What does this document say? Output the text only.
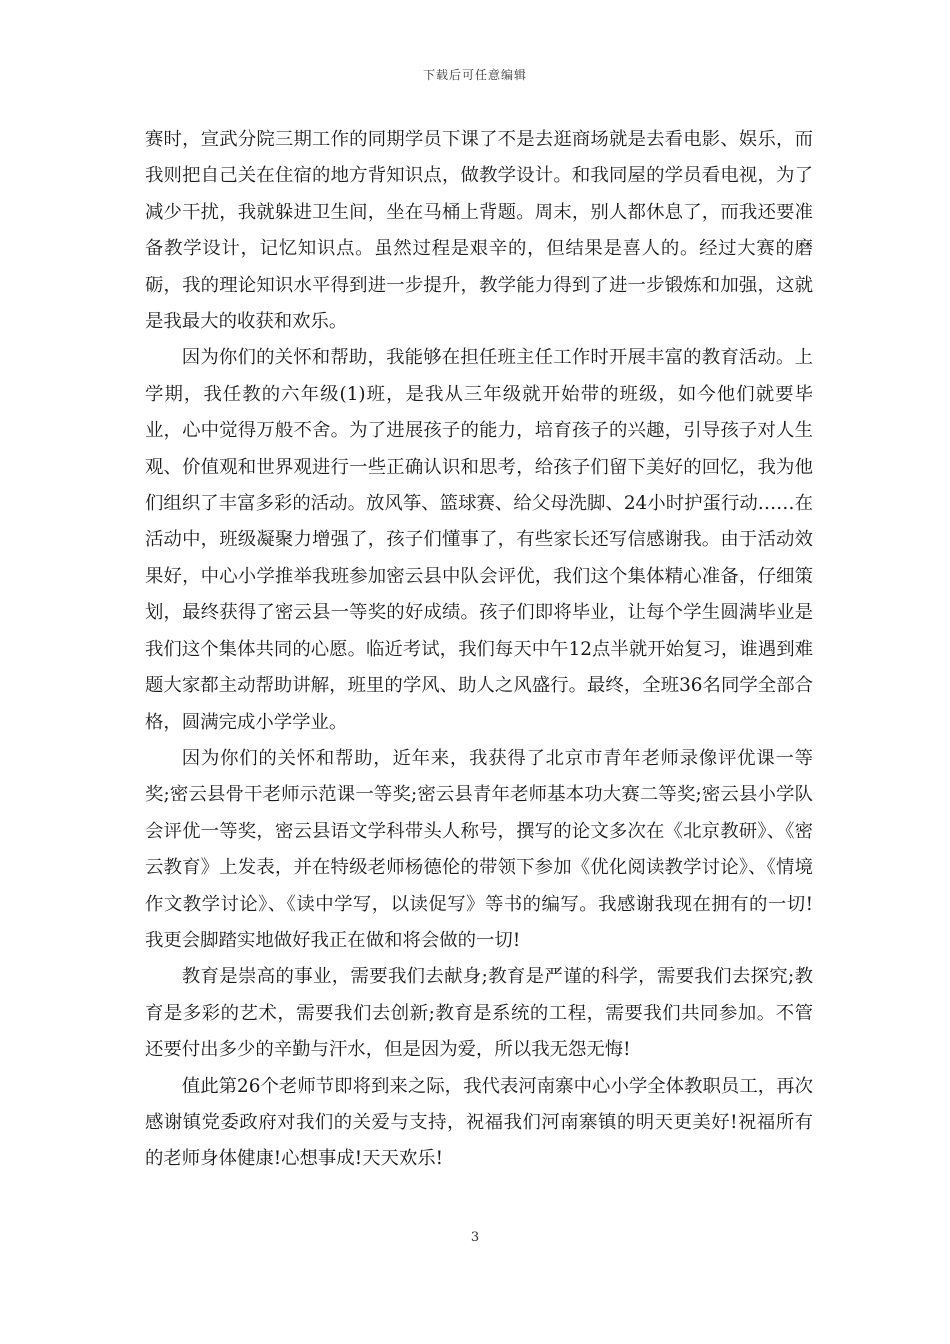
下载后可任意编辑

赛时，宣武分院三期工作的同期学员下课了不是去逛商场就是去看电影、娱乐，而我则把自己关在住宿的地方背知识点，做教学设计。和我同屋的学员看电视，为了减少干扰，我就躲进卫生间，坐在马桶上背题。周末，别人都休息了，而我还要准备教学设计，记忆知识点。虽然过程是艰辛的，但结果是喜人的。经过大赛的磨砺，我的理论知识水平得到进一步提升，教学能力得到了进一步锻炼和加强，这就是我最大的收获和欢乐。

因为你们的关怀和帮助，我能够在担任班主任工作时开展丰富的教育活动。上学期，我任教的六年级(1)班，是我从三年级就开始带的班级，如今他们就要毕业，心中觉得万般不舍。为了进展孩子的能力，培育孩子的兴趣，引导孩子对人生观、价值观和世界观进行一些正确认识和思考，给孩子们留下美好的回忆，我为他们组织了丰富多彩的活动。放风筝、篮球赛、给父母洗脚、24小时护蛋行动……在活动中，班级凝聚力增强了，孩子们懂事了，有些家长还写信感谢我。由于活动效果好，中心小学推举我班参加密云县中队会评优，我们这个集体精心准备，仔细策划，最终获得了密云县一等奖的好成绩。孩子们即将毕业，让每个学生圆满毕业是我们这个集体共同的心愿。临近考试，我们每天中午12点半就开始复习，谁遇到难题大家都主动帮助讲解，班里的学风、助人之风盛行。最终，全班36名同学全部合格，圆满完成小学学业。

因为你们的关怀和帮助，近年来，我获得了北京市青年老师录像评优课一等奖;密云县骨干老师示范课一等奖;密云县青年老师基本功大赛二等奖;密云县小学队会评优一等奖，密云县语文学科带头人称号，撰写的论文多次在《北京教研》、《密云教育》上发表，并在特级老师杨德伦的带领下参加《优化阅读教学讨论》、《情境作文教学讨论》、《读中学写，以读促写》等书的编写。我感谢我现在拥有的一切!我更会脚踏实地做好我正在做和将会做的一切!

教育是崇高的事业，需要我们去献身;教育是严谨的科学，需要我们去探究;教育是多彩的艺术，需要我们去创新;教育是系统的工程，需要我们共同参加。不管还要付出多少的辛勤与汗水，但是因为爱，所以我无怨无悔!

值此第26个老师节即将到来之际，我代表河南寨中心小学全体教职员工，再次感谢镇党委政府对我们的关爱与支持，祝福我们河南寨镇的明天更美好!祝福所有的老师身体健康!心想事成!天天欢乐!

3
